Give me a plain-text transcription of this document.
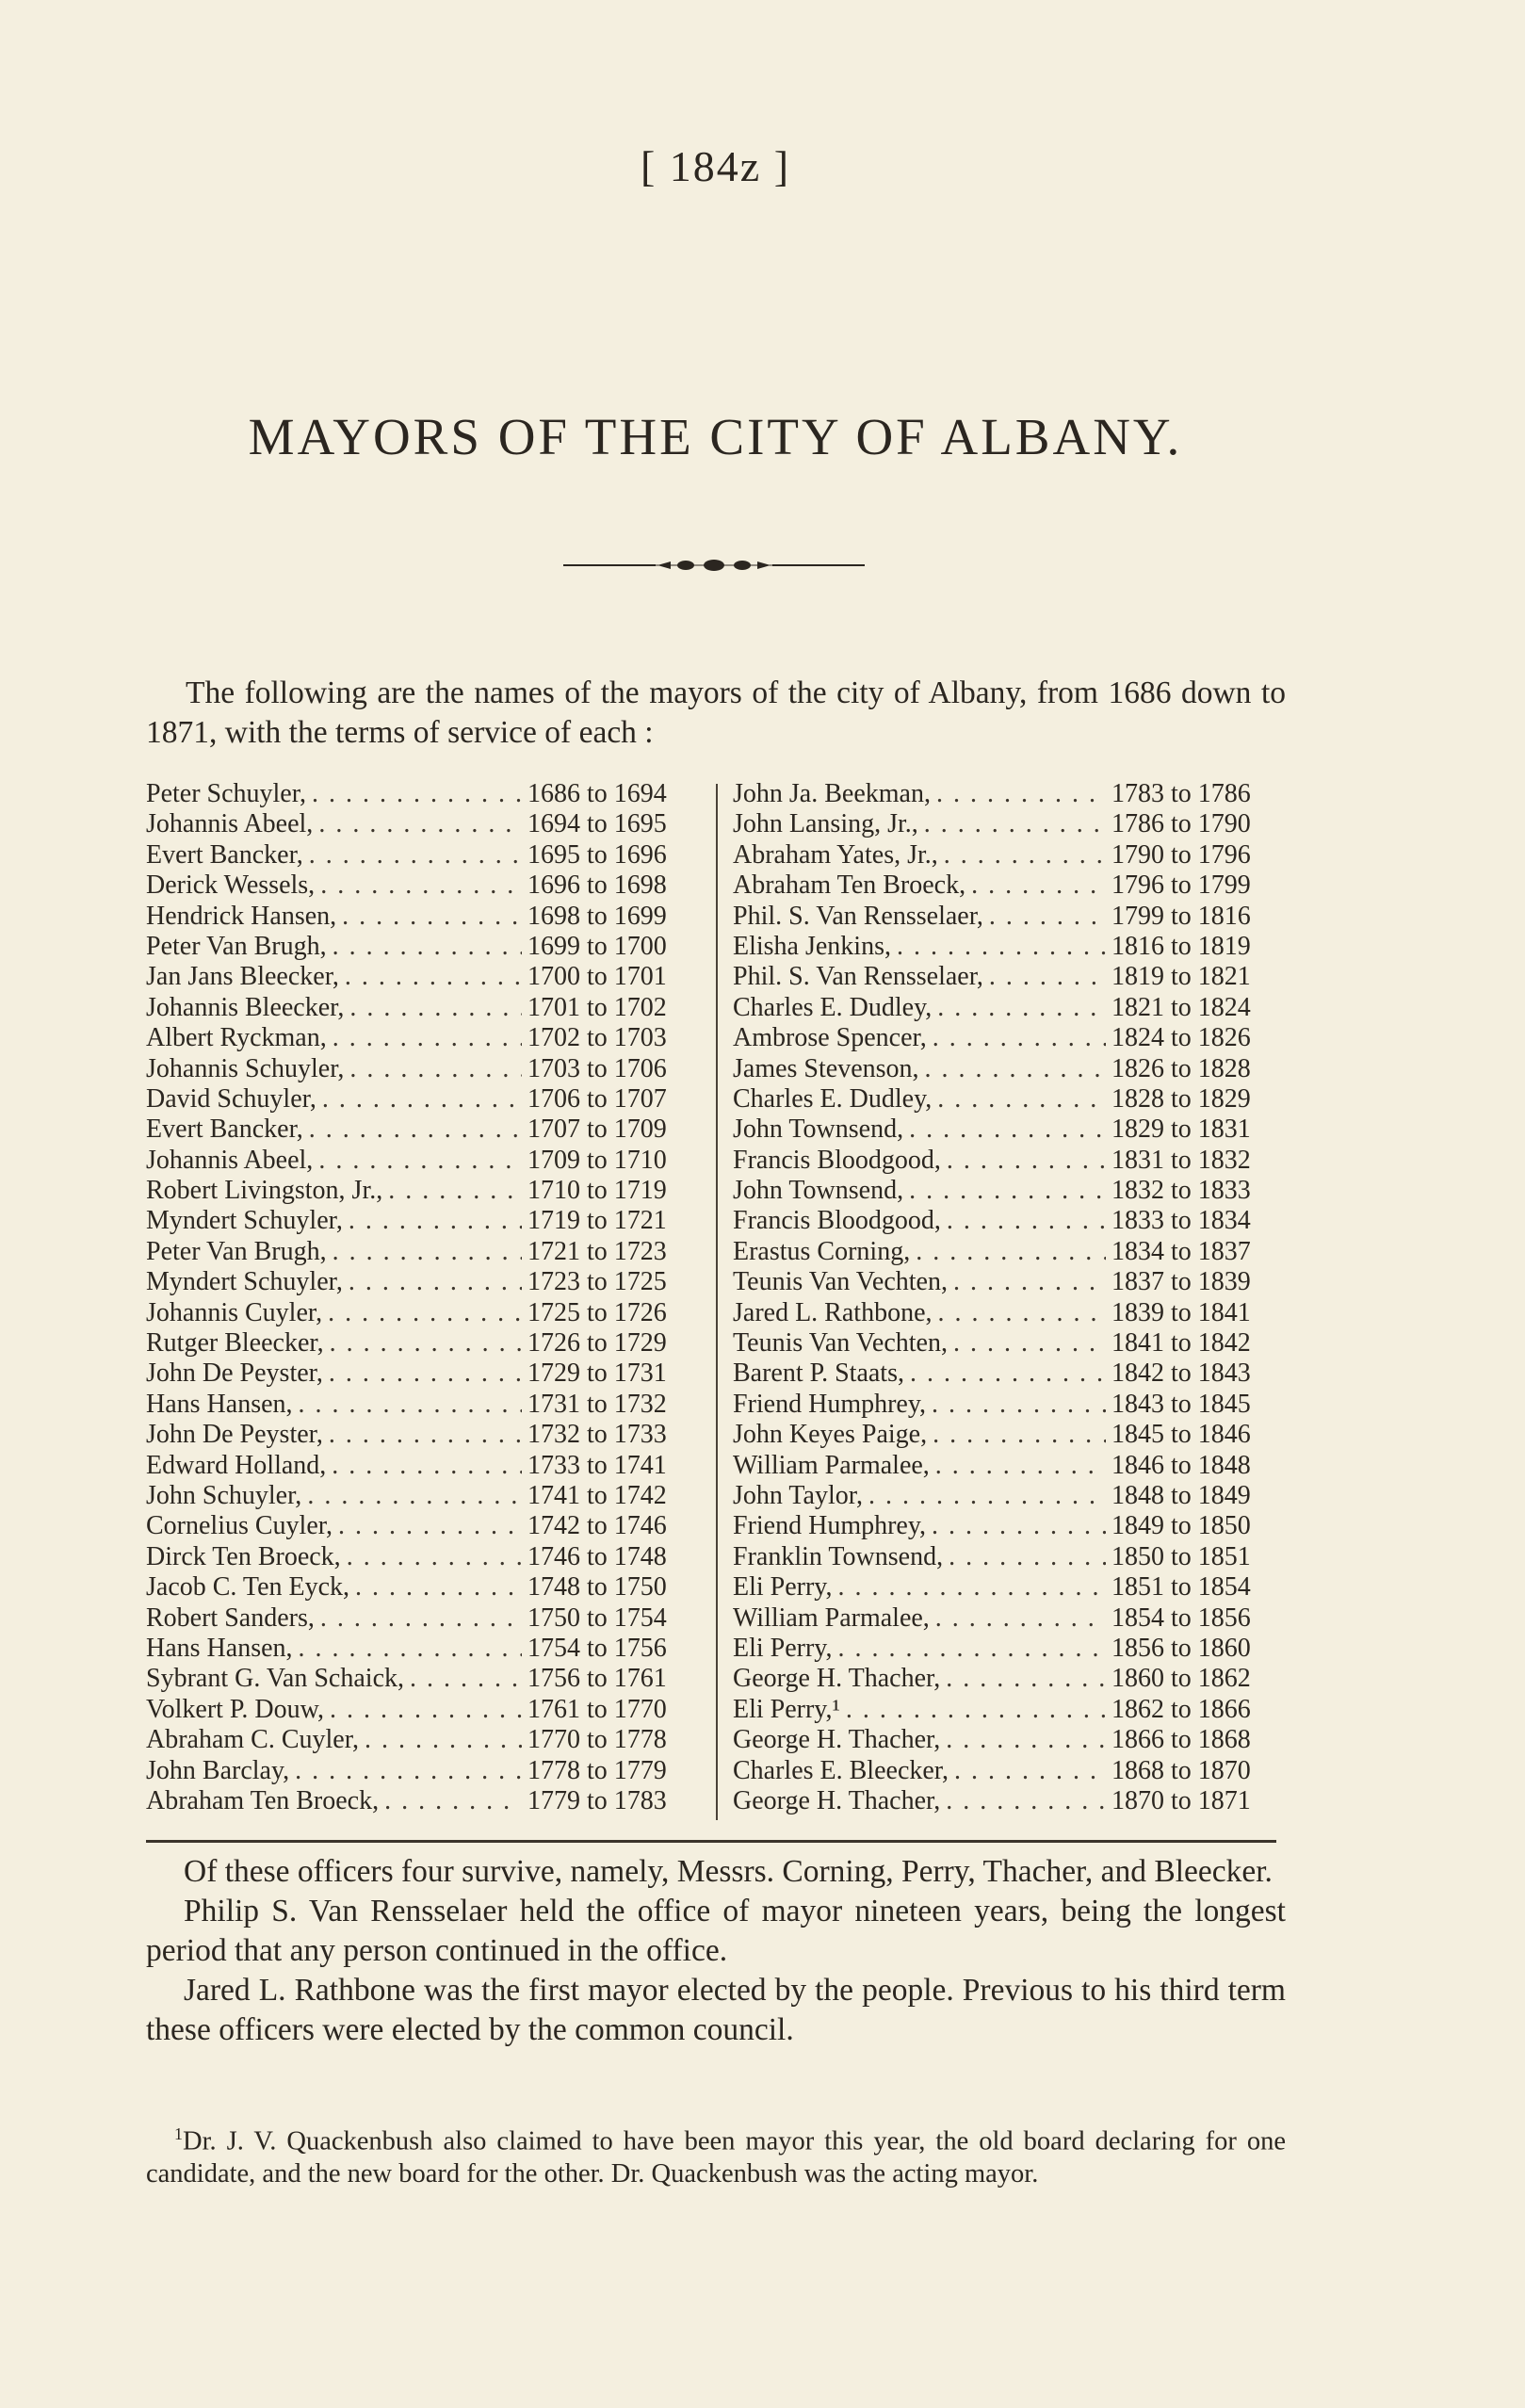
[ 184z ]
MAYORS OF THE CITY OF ALBANY.

The following are the names of the mayors of the city of Albany, from 1686 down to 1871, with the terms of service of each :

Peter Schuyler, . . .	1686 to 1694
Johannis Abeel, . . .	1694 to 1695
Evert Bancker, . . .	1695 to 1696
Derick Wessels, . . .	1696 to 1698
Hendrick Hansen, . . .	1698 to 1699
Peter Van Brugh, . . .	1699 to 1700
Jan Jans Bleecker, . . .	1700 to 1701
Johannis Bleecker, . . .	1701 to 1702
Albert Ryckman, . . .	1702 to 1703
Johannis Schuyler, . . .	1703 to 1706
David Schuyler, . . .	1706 to 1707
Evert Bancker, . . .	1707 to 1709
Johannis Abeel, . . .	1709 to 1710
Robert Livingston, Jr., . . .	1710 to 1719
Myndert Schuyler, . . .	1719 to 1721
Peter Van Brugh, . . .	1721 to 1723
Myndert Schuyler, . . .	1723 to 1725
Johannis Cuyler, . . .	1725 to 1726
Rutger Bleecker, . . .	1726 to 1729
John De Peyster, . . .	1729 to 1731
Hans Hansen, . . .	1731 to 1732
John De Peyster, . . .	1732 to 1733
Edward Holland, . . .	1733 to 1741
John Schuyler, . . .	1741 to 1742
Cornelius Cuyler, . . .	1742 to 1746
Dirck Ten Broeck, . . .	1746 to 1748
Jacob C. Ten Eyck, . . .	1748 to 1750
Robert Sanders, . . .	1750 to 1754
Hans Hansen, . . .	1754 to 1756
Sybrant G. Van Schaick, . . .	1756 to 1761
Volkert P. Douw, . . .	1761 to 1770
Abraham C. Cuyler, . . .	1770 to 1778
John Barclay, . . .	1778 to 1779
Abraham Ten Broeck, . . .	1779 to 1783
John Ja. Beekman, . . .	1783 to 1786
John Lansing, Jr., . . .	1786 to 1790
Abraham Yates, Jr., . . .	1790 to 1796
Abraham Ten Broeck, . . .	1796 to 1799
Phil. S. Van Rensselaer, . . .	1799 to 1816
Elisha Jenkins, . . .	1816 to 1819
Phil. S. Van Rensselaer, . . .	1819 to 1821
Charles E. Dudley, . . .	1821 to 1824
Ambrose Spencer, . . .	1824 to 1826
James Stevenson, . . .	1826 to 1828
Charles E. Dudley, . . .	1828 to 1829
John Townsend, . . .	1829 to 1831
Francis Bloodgood, . . .	1831 to 1832
John Townsend, . . .	1832 to 1833
Francis Bloodgood, . . .	1833 to 1834
Erastus Corning, . . .	1834 to 1837
Teunis Van Vechten, . . .	1837 to 1839
Jared L. Rathbone, . . .	1839 to 1841
Teunis Van Vechten, . . .	1841 to 1842
Barent P. Staats, . . .	1842 to 1843
Friend Humphrey, . . .	1843 to 1845
John Keyes Paige, . . .	1845 to 1846
William Parmalee, . . .	1846 to 1848
John Taylor, . . .	1848 to 1849
Friend Humphrey, . . .	1849 to 1850
Franklin Townsend, . . .	1850 to 1851
Eli Perry, . . .	1851 to 1854
William Parmalee, . . .	1854 to 1856
Eli Perry, . . .	1856 to 1860
George H. Thacher, . . .	1860 to 1862
Eli Perry,¹ . . .	1862 to 1866
George H. Thacher, . . .	1866 to 1868
Charles E. Bleecker, . . .	1868 to 1870
George H. Thacher, . . .	1870 to 1871

Of these officers four survive, namely, Messrs. Corning, Perry, Thacher, and Bleecker.

Philip S. Van Rensselaer held the office of mayor nineteen years, being the longest period that any person continued in the office.

Jared L. Rathbone was the first mayor elected by the people. Previous to his third term these officers were elected by the common council.

$^1$Dr. J. V. Quackenbush also claimed to have been mayor this year, the old board declaring for one candidate, and the new board for the other. Dr. Quackenbush was the acting mayor.
